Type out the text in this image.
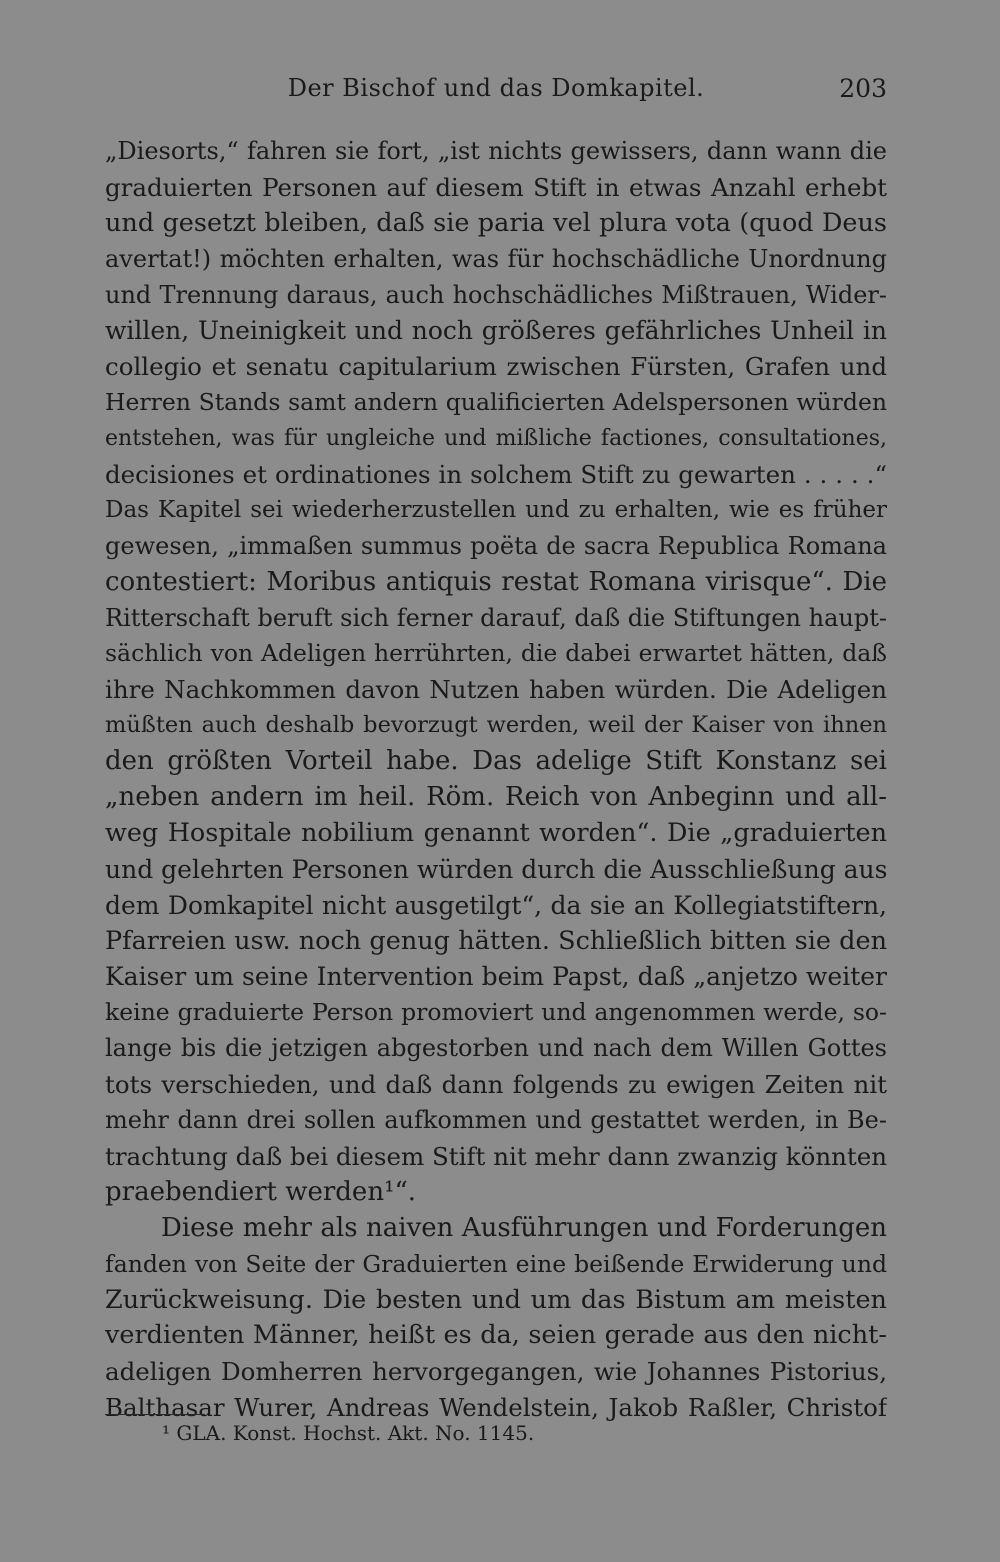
Der Bischof und das Domkapitel.	203
„Diesorts,“ fahren sie fort, „ist nichts gewissers, dann wann die
graduierten Personen auf diesem Stift in etwas Anzahl erhebt
und gesetzt bleiben, daß sie paria vel plura vota (quod Deus
avertat!) möchten erhalten, was für hochschädliche Unordnung
und Trennung daraus, auch hochschädliches Mißtrauen, Wider-
willen, Uneinigkeit und noch größeres gefährliches Unheil in
collegio et senatu capitularium zwischen Fürsten, Grafen und
Herren Stands samt andern qualificierten Adelspersonen würden
entstehen, was für ungleiche und mißliche factiones, consultationes,
decisiones et ordinationes in solchem Stift zu gewarten . . . . .“
Das Kapitel sei wiederherzustellen und zu erhalten, wie es früher
gewesen, „immaßen summus poëta de sacra Republica Romana
contestiert: Moribus antiquis restat Romana virisque“. Die
Ritterschaft beruft sich ferner darauf, daß die Stiftungen haupt-
sächlich von Adeligen herrührten, die dabei erwartet hätten, daß
ihre Nachkommen davon Nutzen haben würden. Die Adeligen
müßten auch deshalb bevorzugt werden, weil der Kaiser von ihnen
den größten Vorteil habe. Das adelige Stift Konstanz sei
„neben andern im heil. Röm. Reich von Anbeginn und all-
weg Hospitale nobilium genannt worden“. Die „graduierten
und gelehrten Personen würden durch die Ausschließung aus
dem Domkapitel nicht ausgetilgt“, da sie an Kollegiatstiftern,
Pfarreien usw. noch genug hätten. Schließlich bitten sie den
Kaiser um seine Intervention beim Papst, daß „anjetzo weiter
keine graduierte Person promoviert und angenommen werde, so-
lange bis die jetzigen abgestorben und nach dem Willen Gottes
tots verschieden, und daß dann folgends zu ewigen Zeiten nit
mehr dann drei sollen aufkommen und gestattet werden, in Be-
trachtung daß bei diesem Stift nit mehr dann zwanzig könnten
praebendiert werden¹“.
Diese mehr als naiven Ausführungen und Forderungen
fanden von Seite der Graduierten eine beißende Erwiderung und
Zurückweisung. Die besten und um das Bistum am meisten
verdienten Männer, heißt es da, seien gerade aus den nicht-
adeligen Domherren hervorgegangen, wie Johannes Pistorius,
Balthasar Wurer, Andreas Wendelstein, Jakob Raßler, Christof
¹ GLA. Konst. Hochst. Akt. No. 1145.
